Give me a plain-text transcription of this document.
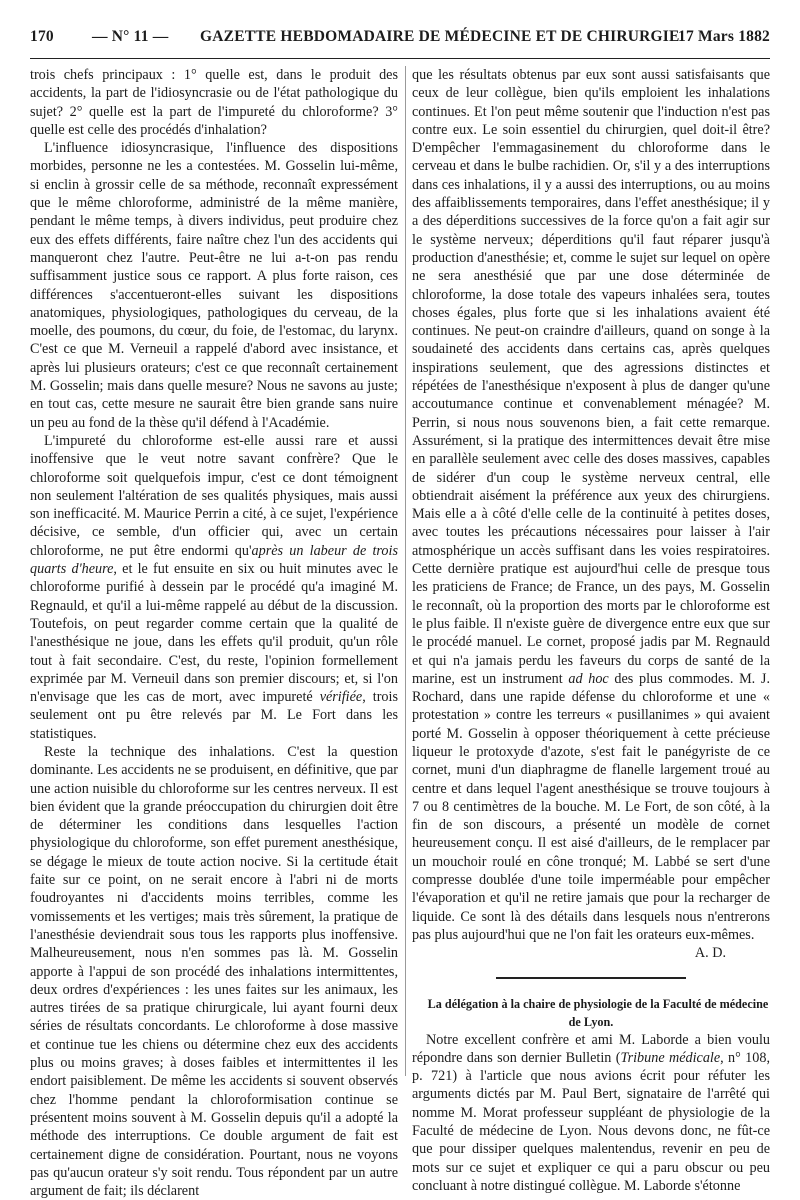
170 — N° 11 — GAZETTE HEBDOMADAIRE DE MÉDECINE ET DE CHIRURGIE
17 Mars 1882

trois chefs principaux : 1° quelle est, dans le produit des accidents, la part de l'idiosyncrasie ou de l'état pathologique du sujet? 2° quelle est la part de l'impureté du chloroforme? 3° quelle est celle des procédés d'inhalation?

L'influence idiosyncrasique, l'influence des dispositions morbides, personne ne les a contestées. M. Gosselin lui-même, si enclin à grossir celle de sa méthode, reconnaît expressément que le même chloroforme, administré de la même manière, pendant le même temps, à divers individus, peut produire chez eux des effets différents, faire naître chez l'un des accidents qui manqueront chez l'autre. Peut-être ne lui a-t-on pas rendu suffisamment justice sous ce rapport. A plus forte raison, ces différences s'accentueront-elles suivant les dispositions anatomiques, physiologiques, pathologiques du cerveau, de la moelle, des poumons, du cœur, du foie, de l'estomac, du larynx. C'est ce que M. Verneuil a rappelé d'abord avec insistance, et après lui plusieurs orateurs; c'est ce que reconnaît certainement M. Gosselin; mais dans quelle mesure? Nous ne savons au juste; en tout cas, cette mesure ne saurait être bien grande sans nuire un peu au fond de la thèse qu'il défend à l'Académie.

L'impureté du chloroforme est-elle aussi rare et aussi inoffensive que le veut notre savant confrère? Que le chloroforme soit quelquefois impur, c'est ce dont témoignent non seulement l'altération de ses qualités physiques, mais aussi son inefficacité. M. Maurice Perrin a cité, à ce sujet, l'expérience décisive, ce semble, d'un officier qui, avec un certain chloroforme, ne put être endormi qu'après un labeur de trois quarts d'heure, et le fut ensuite en six ou huit minutes avec le chloroforme purifié à dessein par le procédé qu'a imaginé M. Regnauld, et qu'il a lui-même rappelé au début de la discussion. Toutefois, on peut regarder comme certain que la qualité de l'anesthésique ne joue, dans les effets qu'il produit, qu'un rôle tout à fait secondaire. C'est, du reste, l'opinion formellement exprimée par M. Verneuil dans son premier discours; et, si l'on n'envisage que les cas de mort, avec impureté vérifiée, trois seulement ont pu être relevés par M. Le Fort dans les statistiques.

Reste la technique des inhalations. C'est la question dominante. Les accidents ne se produisent, en définitive, que par une action nuisible du chloroforme sur les centres nerveux. Il est bien évident que la grande préoccupation du chirurgien doit être de déterminer les conditions dans lesquelles l'action physiologique du chloroforme, son effet purement anesthésique, se dégage le mieux de toute action nocive. Si la certitude était faite sur ce point, on ne serait encore à l'abri ni de morts foudroyantes ni d'accidents moins terribles, comme les vomissements et les vertiges; mais très sûrement, la pratique de l'anesthésie deviendrait sous tous les rapports plus inoffensive. Malheureusement, nous n'en sommes pas là. M. Gosselin apporte à l'appui de son procédé des inhalations intermittentes, deux ordres d'expériences : les unes faites sur les animaux, les autres tirées de sa pratique chirurgicale, lui ayant fourni deux séries de résultats concordants. Le chloroforme à dose massive et continue tue les chiens ou détermine chez eux des accidents plus ou moins graves; à doses faibles et intermittentes il les endort paisiblement. De même les accidents si souvent observés chez l'homme pendant la chloroformisation continue se présentent moins souvent à M. Gosselin depuis qu'il a adopté la méthode des interruptions. Ce double argument de fait est certainement digne de considération. Pourtant, nous ne voyons pas qu'aucun orateur s'y soit rendu. Tous répondent par un autre argument de fait; ils déclarent

que les résultats obtenus par eux sont aussi satisfaisants que ceux de leur collègue, bien qu'ils emploient les inhalations continues. Et l'on peut même soutenir que l'induction n'est pas contre eux. Le soin essentiel du chirurgien, quel doit-il être? D'empêcher l'emmagasinement du chloroforme dans le cerveau et dans le bulbe rachidien. Or, s'il y a des interruptions dans ces inhalations, il y a aussi des interruptions, ou au moins des affaiblissements temporaires, dans l'effet anesthésique; il y a des déperditions successives de la force qu'on a fait agir sur le système nerveux; déperditions qu'il faut réparer jusqu'à production d'anesthésie; et, comme le sujet sur lequel on opère ne sera anesthésié que par une dose déterminée de chloroforme, la dose totale des vapeurs inhalées sera, toutes choses égales, plus forte que si les inhalations avaient été continues. Ne peut-on craindre d'ailleurs, quand on songe à la soudaineté des accidents dans certains cas, après quelques inspirations seulement, que des agressions distinctes et répétées de l'anesthésique n'exposent à plus de danger qu'une accoutumance continue et convenablement ménagée? M. Perrin, si nous nous souvenons bien, a fait cette remarque. Assurément, si la pratique des intermittences devait être mise en parallèle seulement avec celle des doses massives, capables de sidérer d'un coup le système nerveux central, elle obtiendrait aisément la préférence aux yeux des chirurgiens. Mais elle a à côté d'elle celle de la continuité à petites doses, avec toutes les précautions nécessaires pour laisser à l'air atmosphérique un accès suffisant dans les voies respiratoires. Cette dernière pratique est aujourd'hui celle de presque tous les praticiens de France; de France, un des pays, M. Gosselin le reconnaît, où la proportion des morts par le chloroforme est le plus faible. Il n'existe guère de divergence entre eux que sur le procédé manuel. Le cornet, proposé jadis par M. Regnauld et qui n'a jamais perdu les faveurs du corps de santé de la marine, est un instrument ad hoc des plus commodes. M. J. Rochard, dans une rapide défense du chloroforme et une « protestation » contre les terreurs « pusillanimes » qui avaient porté M. Gosselin à opposer théoriquement à cette précieuse liqueur le protoxyde d'azote, s'est fait le panégyriste de ce cornet, muni d'un diaphragme de flanelle largement troué au centre et dans lequel l'agent anesthésique se trouve toujours à 7 ou 8 centimètres de la bouche. M. Le Fort, de son côté, à la fin de son discours, a présenté un modèle de cornet heureusement conçu. Il est aisé d'ailleurs, de le remplacer par un mouchoir roulé en cône tronqué; M. Labbé se sert d'une compresse doublée d'une toile imperméable pour empêcher l'évaporation et qu'il ne retire jamais que pour la recharger de liquide. Ce sont là des détails dans lesquels nous n'entrerons pas plus aujourd'hui que ne l'on fait les orateurs eux-mêmes.

A. D.

La délégation à la chaire de physiologie de la Faculté de médecine de Lyon.

Notre excellent confrère et ami M. Laborde a bien voulu répondre dans son dernier Bulletin (Tribune médicale, n° 108, p. 721) à l'article que nous avions écrit pour réfuter les arguments dictés par M. Paul Bert, signataire de l'arrêté qui nomme M. Morat professeur suppléant de physiologie de la Faculté de médecine de Lyon. Nous devons donc, ne fût-ce que pour dissiper quelques malentendus, revenir en peu de mots sur ce sujet et expliquer ce qui a paru obscur ou peu concluant à notre distingué collègue. M. Laborde s'étonne
